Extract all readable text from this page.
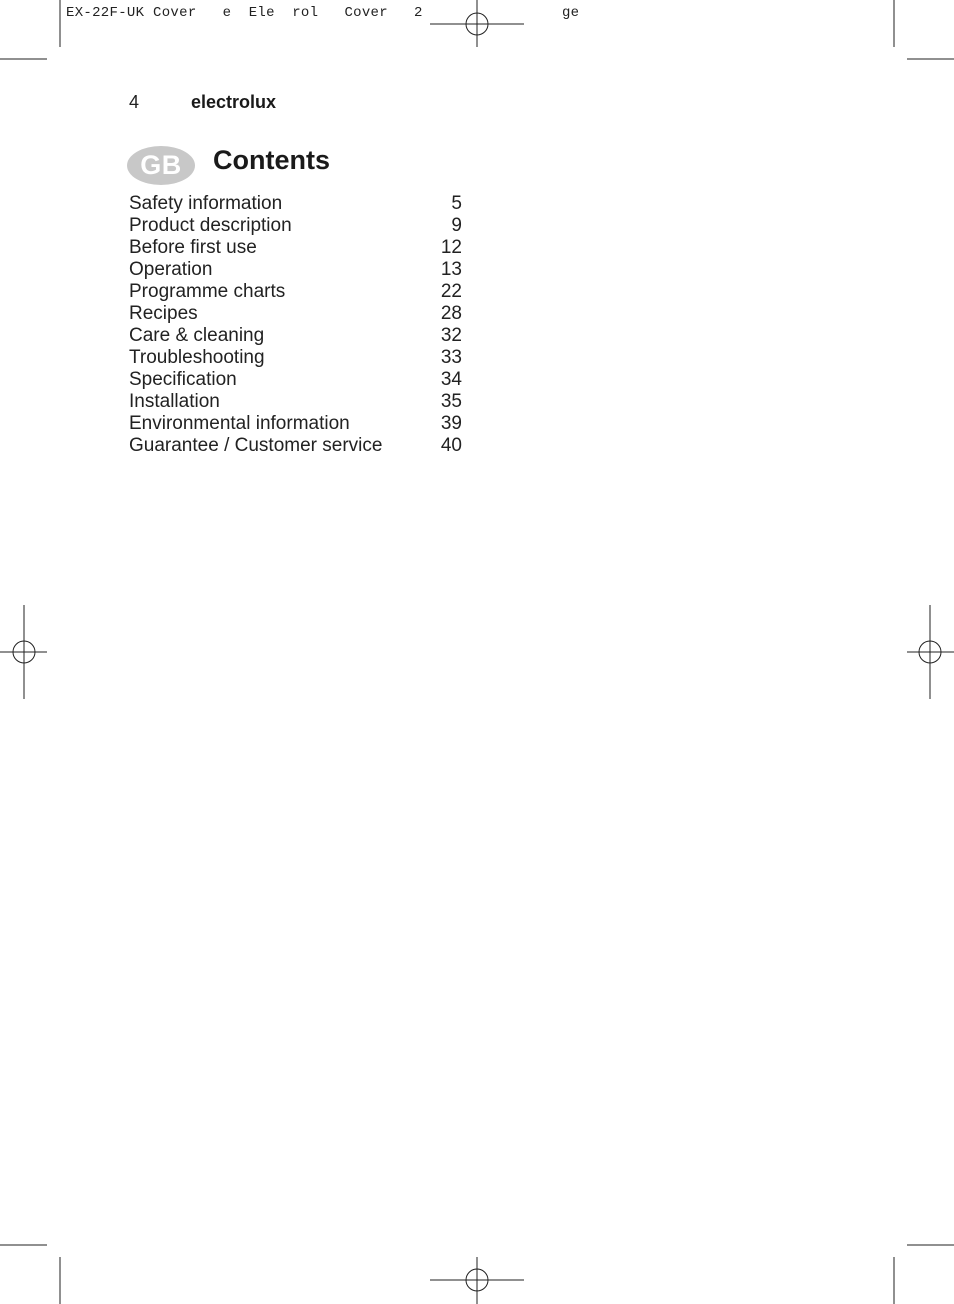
EX-22F-UK Cover   e  Ele  rol   Cover   2                ge
4	electrolux
GB Contents
Safety information	5
Product description	9
Before first use	12
Operation	13
Programme charts	22
Recipes	28
Care & cleaning	32
Troubleshooting	33
Specification	34
Installation	35
Environmental information	39
Guarantee / Customer service	40
